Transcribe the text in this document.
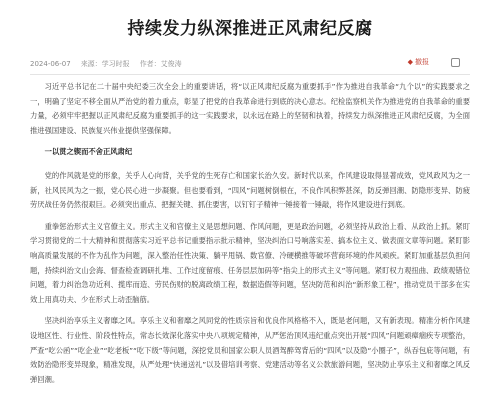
持续发力纵深推进正风肃纪反腐
2024-06-07 来源：学习时报 作者：艾俊涛	◆ 撤报

习近平总书记在二十届中央纪委三次全会上的重要讲话，将“以正风肃纪反腐为重要抓手”作为推进自我革命“九个以”的实践要求之一，明确了坚定不移全面从严治党的着力重点，彰显了把党的自我革命进行到底的决心意志。纪检监察机关作为推进党的自我革命的重要力量，必须牢牢把握以正风肃纪反腐为重要抓手的这一实践要求，以永远在路上的坚韧和执着，持续发力纵深推进正风肃纪反腐，为全面推进强国建设、民族复兴伟业提供坚强保障。

一以贯之锲而不舍正风肃纪

党的作风就是党的形象，关乎人心向背，关乎党的生死存亡和国家长治久安。新时代以来，作风建设取得显著成效，党风政风为之一新，社风民风为之一振，党心民心进一步凝聚。但也要看到，“四风”问题树倒根在，不良作风积弊甚深，防反弹回潮、防隐形变异、防疲劳厌战任务仍然很艰巨。必须突出重点、把握关键、抓住要害，以钉钉子精神一锤接着一锤敲，将作风建设进行到底。

重拳惩治形式主义官僚主义。形式主义和官僚主义是思想问题、作风问题，更是政治问题，必须坚持从政治上看、从政治上抓。紧盯学习贯彻党的二十大精神和贯彻落实习近平总书记重要指示批示精神，坚决纠治口号响落实差、搞本位主义、做表面文章等问题。紧盯影响高质量发展的不作为乱作为问题，深入整治任性决策、躺平甩锅、数官僚、冷硬横推等破坏营商环境的作风顽疾。紧盯加重基层负担问题，持续纠治文山会海、督查检查调研扎堆、工作过度留痕、任务层层加码等“指尖上的形式主义”等问题。紧盯权力观扭曲、政绩观错位问题，着力纠治急功近利、揽库而造、劳民伤财的脱离政绩工程，数据造假等问题，坚决防范和纠治“新形象工程”，推动党员干部多在实效上用真功夫、少在形式上动歪脑筋。

坚决纠治享乐主义奢靡之风。享乐主义和奢靡之风同党的性质宗旨和优良作风格格不入，既是老问题，又有新表现。精准分析作风建设地区性、行业性、阶段性特点，常态长效深化落实中央八项规定精神，从严惩治顶风违纪重点突出开展“四风”问题顽瘴痼疾专项整治，严查“吃公函”“吃企业”“吃老板”“吃下级”等问题，深挖党员和国家公职人员酒驾醉驾背后的“四风”以及隐“小圈子”，纵吞包庇等问题，有效防治隐形变异现象，精准发现，从严处理“快递送礼”以及借培训考察、党建活动等名义公款旅游问题，坚决防止享乐主义和奢靡之风反弹回潮。
